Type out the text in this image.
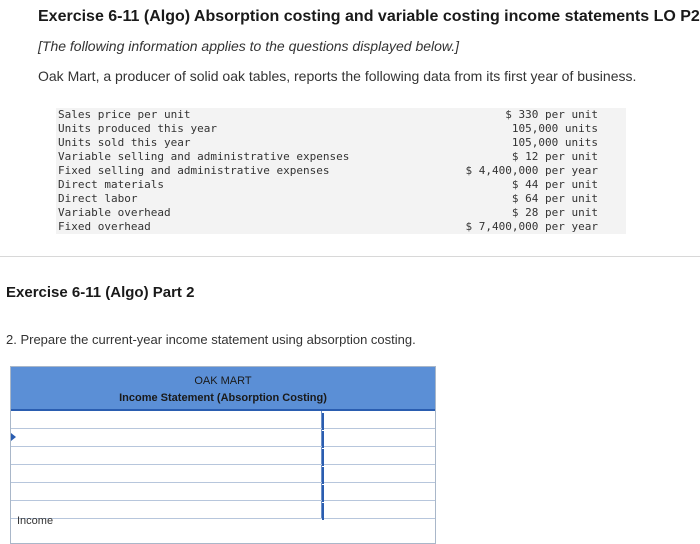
Exercise 6-11 (Algo) Absorption costing and variable costing income statements LO P2
[The following information applies to the questions displayed below.]
Oak Mart, a producer of solid oak tables, reports the following data from its first year of business.
Sales price per unit	$ 330 per unit
Units produced this year	105,000 units
Units sold this year	105,000 units
Variable selling and administrative expenses	$ 12 per unit
Fixed selling and administrative expenses	$ 4,400,000 per year
Direct materials	$ 44 per unit
Direct labor	$ 64 per unit
Variable overhead	$ 28 per unit
Fixed overhead	$ 7,400,000 per year
Exercise 6-11 (Algo) Part 2
2. Prepare the current-year income statement using absorption costing.
OAK MART
Income Statement (Absorption Costing)
Income
